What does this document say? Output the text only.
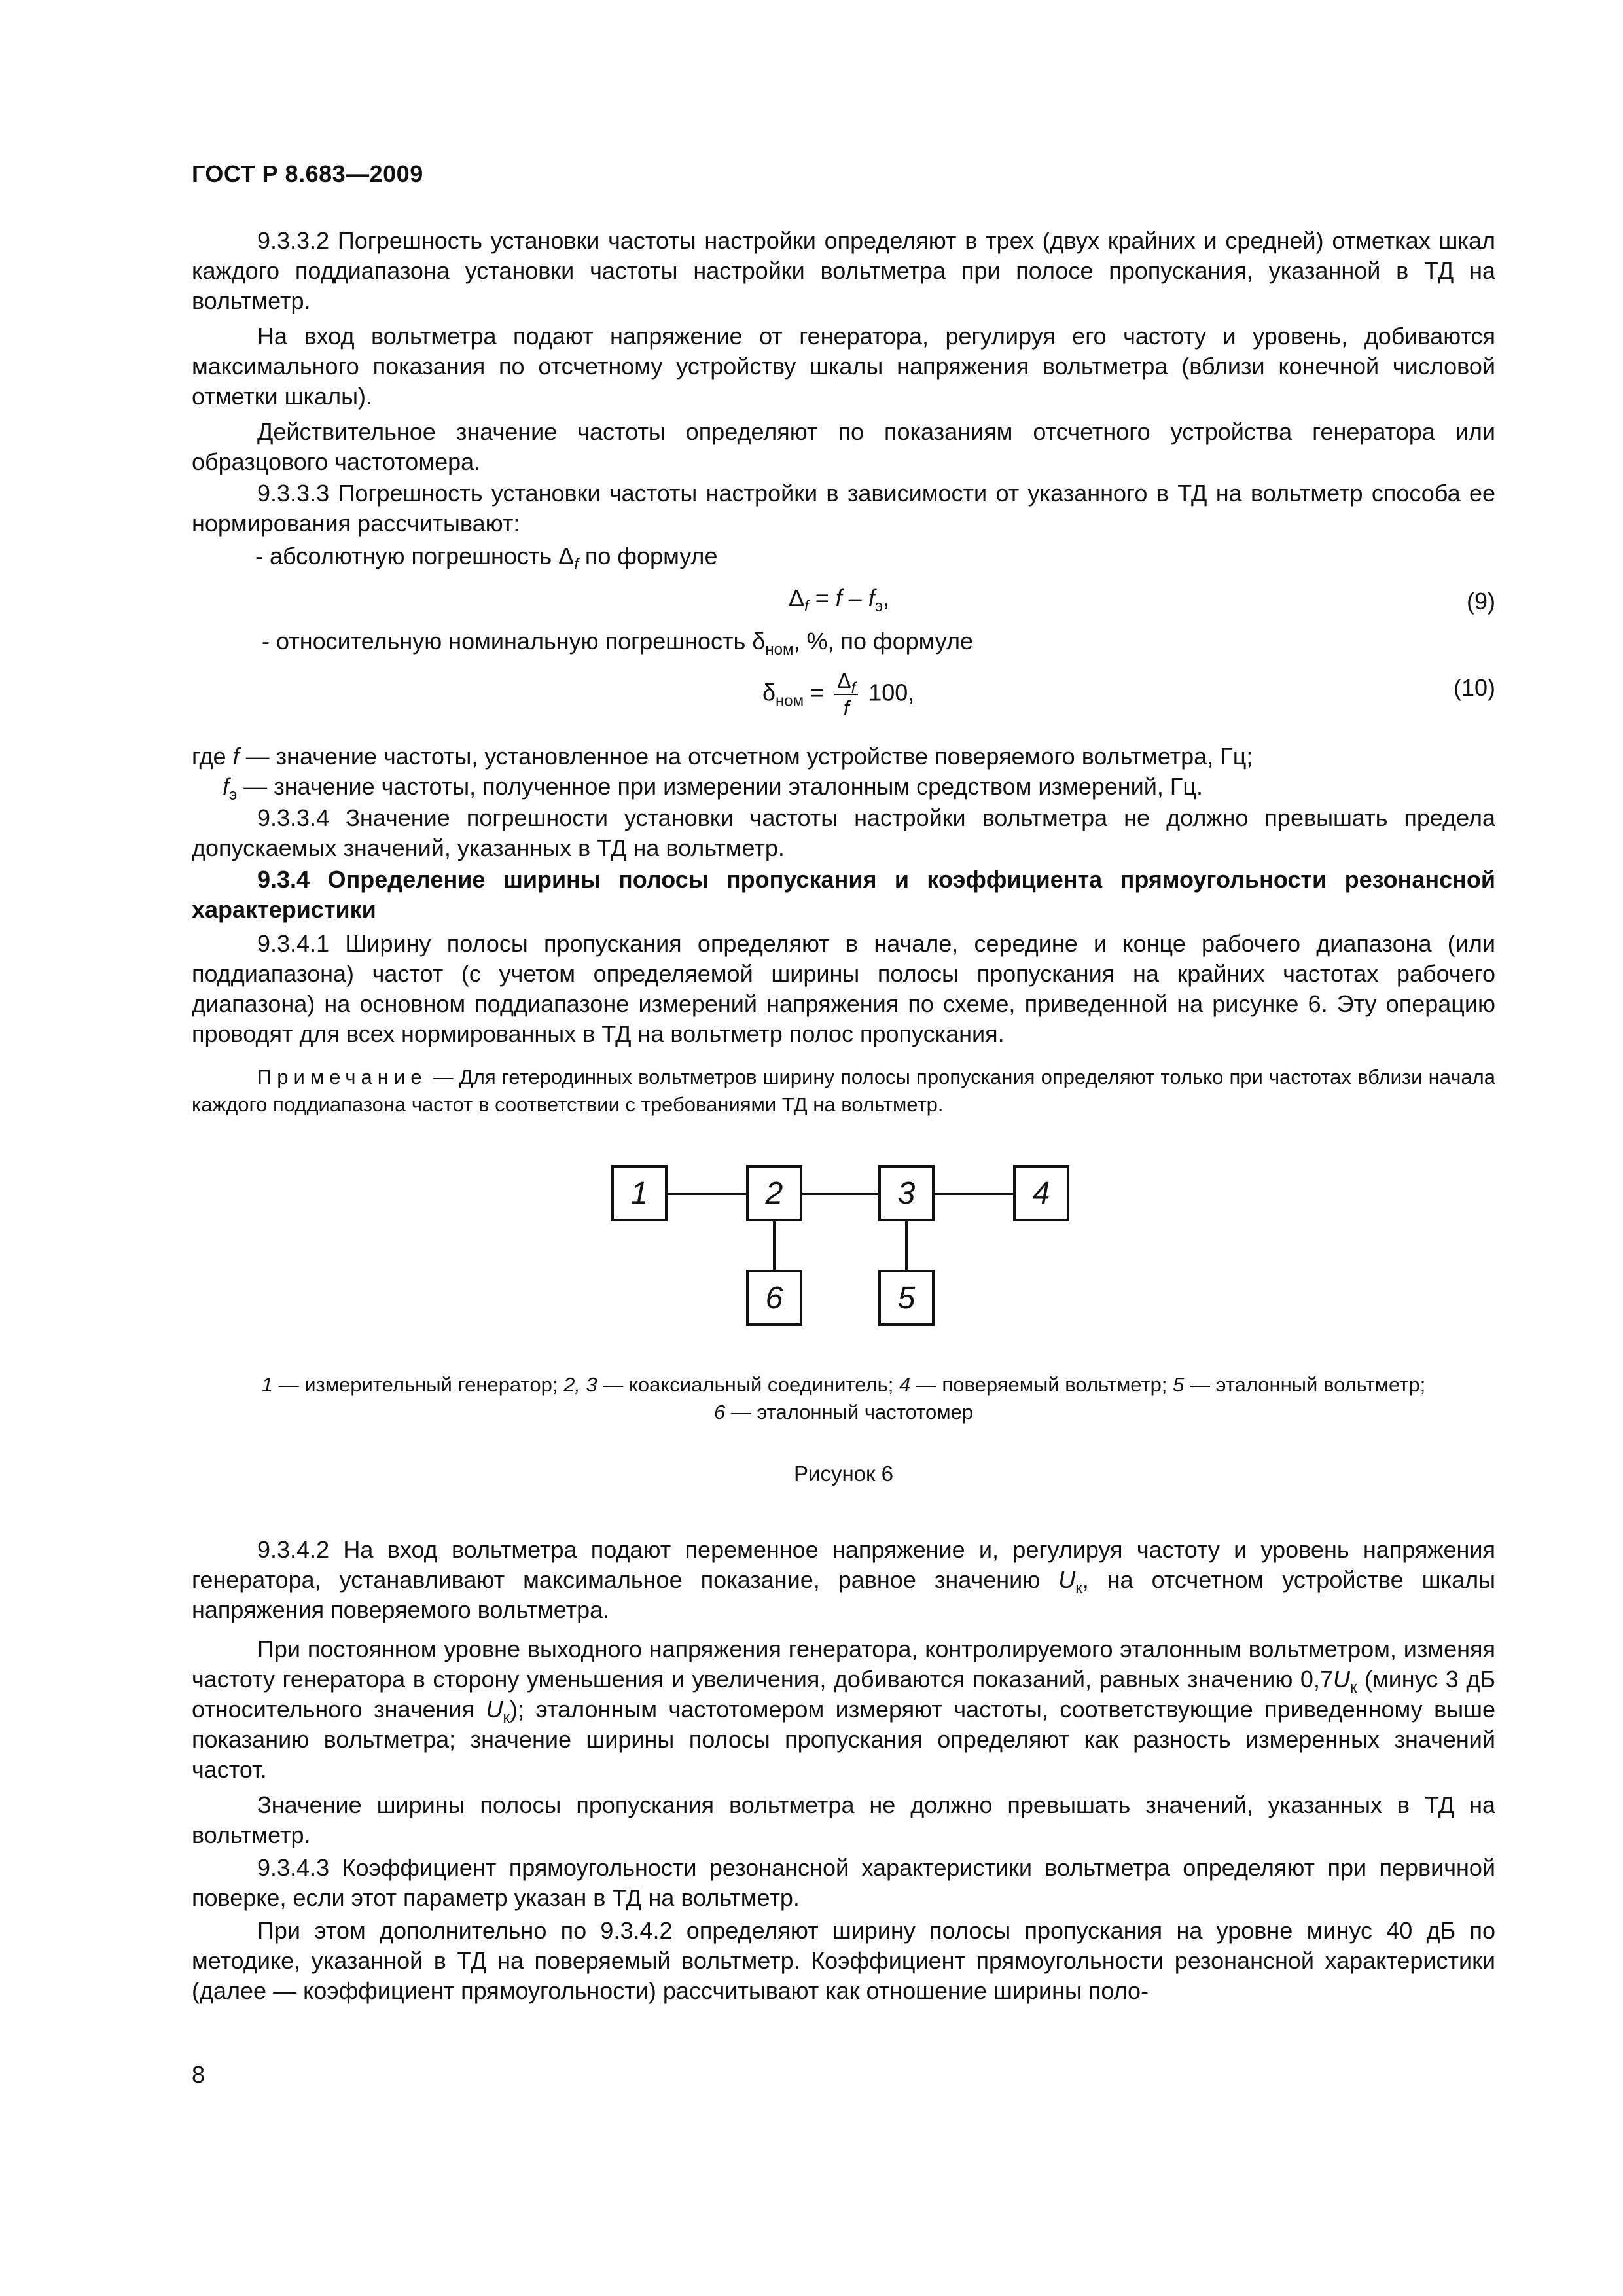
ГОСТ Р 8.683—2009

9.3.3.2 Погрешность установки частоты настройки определяют в трех (двух крайних и средней) отметках шкал каждого поддиапазона установки частоты настройки вольтметра при полосе пропускания, указанной в ТД на вольтметр.

На вход вольтметра подают напряжение от генератора, регулируя его частоту и уровень, добиваются максимального показания по отсчетному устройству шкалы напряжения вольтметра (вблизи конечной числовой отметки шкалы).

Действительное значение частоты определяют по показаниям отсчетного устройства генератора или образцового частотомера.

9.3.3.3 Погрешность установки частоты настройки в зависимости от указанного в ТД на вольтметр способа ее нормирования рассчитывают:

- абсолютную погрешность $\Delta_f$ по формуле

$\Delta_f = f - f_э$,	(9)

- относительную номинальную погрешность $\delta_{ном}$, %, по формуле

$\delta_{ном} = \frac{\Delta_f}{f} 100$,	(10)

где f — значение частоты, установленное на отсчетном устройстве поверяемого вольтметра, Гц;

$f_э$ — значение частоты, полученное при измерении эталонным средством измерений, Гц.

9.3.3.4 Значение погрешности установки частоты настройки вольтметра не должно превышать предела допускаемых значений, указанных в ТД на вольтметр.

9.3.4 Определение ширины полосы пропускания и коэффициента прямоугольности резонансной характеристики

9.3.4.1 Ширину полосы пропускания определяют в начале, середине и конце рабочего диапазона (или поддиапазона) частот (с учетом определяемой ширины полосы пропускания на крайних частотах рабочего диапазона) на основном поддиапазоне измерений напряжения по схеме, приведенной на рисунке 6. Эту операцию проводят для всех нормированных в ТД на вольтметр полос пропускания.

Примечание — Для гетеродинных вольтметров ширину полосы пропускания определяют только при частотах вблизи начала каждого поддиапазона частот в соответствии с требованиями ТД на вольтметр.

1	2	3	4
5
6
1 — измерительный генератор; 2, 3 — коаксиальный соединитель; 4 — поверяемый вольтметр; 5 — эталонный вольтметр;
6 — эталонный частотомер
Рисунок 6

9.3.4.2 На вход вольтметра подают переменное напряжение и, регулируя частоту и уровень напряжения генератора, устанавливают максимальное показание, равное значению $U_к$, на отсчетном устройстве шкалы напряжения поверяемого вольтметра.

При постоянном уровне выходного напряжения генератора, контролируемого эталонным вольтметром, изменяя частоту генератора в сторону уменьшения и увеличения, добиваются показаний, равных значению $0,7U_к$ (минус 3 дБ относительного значения $U_к$); эталонным частотомером измеряют частоты, соответствующие приведенному выше показанию вольтметра; значение ширины полосы пропускания определяют как разность измеренных значений частот.

Значение ширины полосы пропускания вольтметра не должно превышать значений, указанных в ТД на вольтметр.

9.3.4.3 Коэффициент прямоугольности резонансной характеристики вольтметра определяют при первичной поверке, если этот параметр указан в ТД на вольтметр.

При этом дополнительно по 9.3.4.2 определяют ширину полосы пропускания на уровне минус 40 дБ по методике, указанной в ТД на поверяемый вольтметр. Коэффициент прямоугольности резонансной характеристики (далее — коэффициент прямоугольности) рассчитывают как отношение ширины поло-

8
